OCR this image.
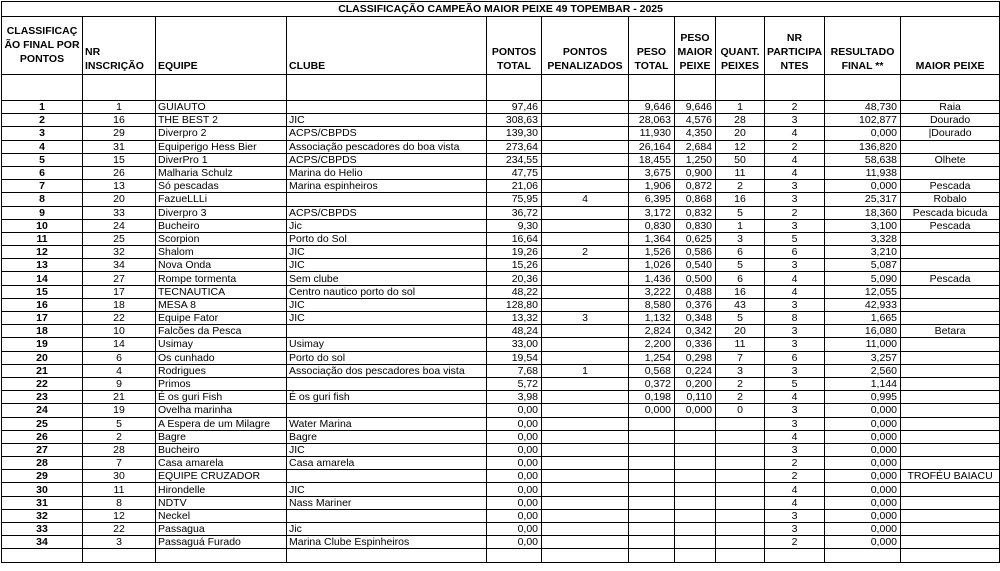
CLASSIFICAÇÃO CAMPEÃO MAIOR PEIXE 49 TOPEMBAR - 2025											
CLASSIFICAÇ ÃO FINAL POR PONTOS	NR INSCRIÇÃO	EQUIPE	CLUBE	PONTOS TOTAL	PONTOS PENALIZADOS	PESO TOTAL	PESO MAIOR PEIXE	QUANT. PEIXES	NR PARTICIPA NTES	RESULTADO FINAL **	MAIOR PEIXE

1	1	GUIAUTO		97,46		9,646	9,646	1	2	48,730	Raia
2	16	THE BEST 2	JIC	308,63		28,063	4,576	28	3	102,877	Dourado
3	29	Diverpro 2	ACPS/CBPDS	139,30		11,930	4,350	20	4	0,000	|Dourado
4	31	Equiperigo Hess Bier	Associação pescadores do boa vista	273,64		26,164	2,684	12	2	136,820	
5	15	DiverPro 1	ACPS/CBPDS	234,55		18,455	1,250	50	4	58,638	Olhete
6	26	Malharia Schulz	Marina do Helio	47,75		3,675	0,900	11	4	11,938	
7	13	Só pescadas	Marina espinheiros	21,06		1,906	0,872	2	3	0,000	Pescada
8	20	FazueLLLi		75,95	4	6,395	0,868	16	3	25,317	Robalo
9	33	Diverpro 3	ACPS/CBPDS	36,72		3,172	0,832	5	2	18,360	Pescada bicuda
10	24	Bucheiro	Jic	9,30		0,830	0,830	1	3	3,100	Pescada
11	25	Scorpion	Porto do Sol	16,64		1,364	0,625	3	5	3,328	
12	32	Shalom	JIC	19,26	2	1,526	0,586	6	6	3,210	
13	34	Nova Onda	JIC	15,26		1,026	0,540	5	3	5,087	
14	27	Rompe tormenta	Sem clube	20,36		1,436	0,500	6	4	5,090	Pescada
15	17	TECNAUTICA	Centro nautico porto do sol	48,22		3,222	0,488	16	4	12,055	
16	18	MESA 8	JIC	128,80		8,580	0,376	43	3	42,933	
17	22	Equipe Fator	JIC	13,32	3	1,132	0,348	5	8	1,665	
18	10	Falcões da Pesca		48,24		2,824	0,342	20	3	16,080	Betara
19	14	Usimay	Usimay	33,00		2,200	0,336	11	3	11,000	
20	6	Os cunhado	Porto do sol	19,54		1,254	0,298	7	6	3,257	
21	4	Rodrigues	Associação dos pescadores boa vista	7,68	1	0,568	0,224	3	3	2,560	
22	9	Primos		5,72		0,372	0,200	2	5	1,144	
23	21	É os guri Fish	É os guri fish	3,98		0,198	0,110	2	4	0,995	
24	19	Ovelha marinha		0,00		0,000	0,000	0	3	0,000	
25	5	A Espera de um Milagre	Water Marina	0,00					3	0,000	
26	2	Bagre	Bagre	0,00					4	0,000	
27	28	Bucheiro	JIC	0,00					3	0,000	
28	7	Casa amarela	Casa amarela	0,00					2	0,000	
29	30	EQUIPE CRUZADOR		0,00					2	0,000	TROFÉU BAIACU
30	11	Hirondelle	JIC	0,00					4	0,000	
31	8	NDTV	Nass Mariner	0,00					4	0,000	
32	12	Neckel		0,00					3	0,000	
33	22	Passagua	Jic	0,00					3	0,000	
34	3	Passaguá Furado	Marina Clube Espinheiros	0,00					2	0,000	
